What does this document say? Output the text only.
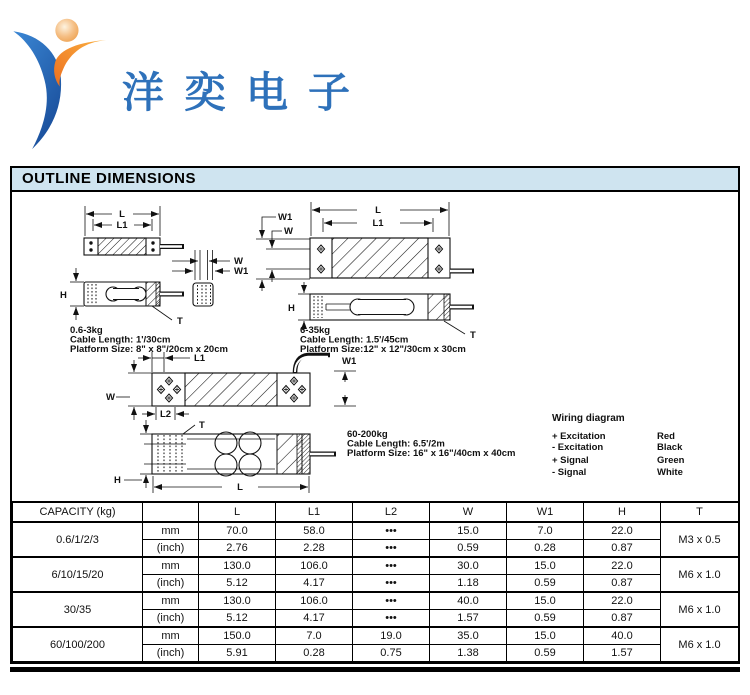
洋奕电子
OUTLINE DIMENSIONS
L
L1
H
T
0.6-3kg
Cable Length: 1'/30cm
Platform Size: 8" x 8"/20cm x 20cm
W
W1
L
L1
W1
W
H
T
6-35kg
Cable Length: 1.5'/45cm
Platform Size:12" x 12"/30cm x 30cm
L1	W1
W
L2
T
H
L
60-200kg
Cable Length: 6.5'/2m
Platform Size: 16" x 16"/40cm x 40cm
Wiring diagram
+ Excitation	Red
- Excitation	Black
+ Signal	Green
- Signal	White
CAPACITY (kg)		L	L1	L2	W	W1	H	T
0.6/1/2/3	mm	70.0	58.0	•••	15.0	7.0	22.0	M3 x 0.5
	(inch)	2.76	2.28	•••	0.59	0.28	0.87	
6/10/15/20	mm	130.0	106.0	•••	30.0	15.0	22.0	M6 x 1.0
	(inch)	5.12	4.17	•••	1.18	0.59	0.87	
30/35	mm	130.0	106.0	•••	40.0	15.0	22.0	M6 x 1.0
	(inch)	5.12	4.17	•••	1.57	0.59	0.87	
60/100/200	mm	150.0	7.0	19.0	35.0	15.0	40.0	M6 x 1.0
	(inch)	5.91	0.28	0.75	1.38	0.59	1.57	
